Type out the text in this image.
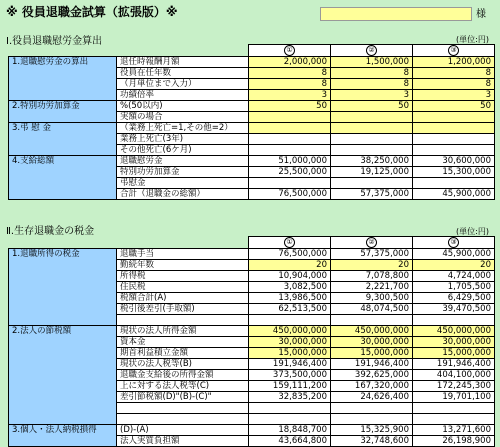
※ 役員退職金試算（拡張版）※	様
Ⅰ.役員退職慰労金算出	(単位:円)
		①	②	③
1.退職慰労金の算出	退任時報酬月額	2,000,000	1,500,000	1,200,000
	役員在任年数	8	8	8
	（月単位まで入力）	8	8	8
	功績倍率	3	3	3
2.特別功労加算金	%(50以内)	50	50	50
	実額の場合			
3.弔 慰 金	（業務上死亡=1,その他=2）			
	業務上死亡(3年)			
	その他死亡(6ケ月)			
4.支給総額	退職慰労金	51,000,000	38,250,000	30,600,000
	特別功労加算金	25,500,000	19,125,000	15,300,000
	弔慰金			
	合計（退職金の総額）	76,500,000	57,375,000	45,900,000
Ⅱ.生存退職金の税金	(単位:円)
		①	②	③
1.退職所得の税金	退職手当	76,500,000	57,375,000	45,900,000
	勤続年数	20	20	20
	所得税	10,904,000	7,078,800	4,724,000
	住民税	3,082,500	2,221,700	1,705,500
	税額合計(A)	13,986,500	9,300,500	6,429,500
	税引後差引(手取額)	62,513,500	48,074,500	39,470,500

2.法人の節税額	現状の法人所得金額	450,000,000	450,000,000	450,000,000
	資本金	30,000,000	30,000,000	30,000,000
	期首利益積立金額	15,000,000	15,000,000	15,000,000
	現状の法人税等(B)	191,946,400	191,946,400	191,946,400
	退職金支給後の所得金額	373,500,000	392,625,000	404,100,000
	上に対する法人税等(C)	159,111,200	167,320,000	172,245,300
	差引節税額(D)"(B)-(C)"	32,835,200	24,626,400	19,701,100

3.個人・法人納税損得	(D)-(A)	18,848,700	15,325,900	13,271,600
	法人実質負担額	43,664,800	32,748,600	26,198,900
